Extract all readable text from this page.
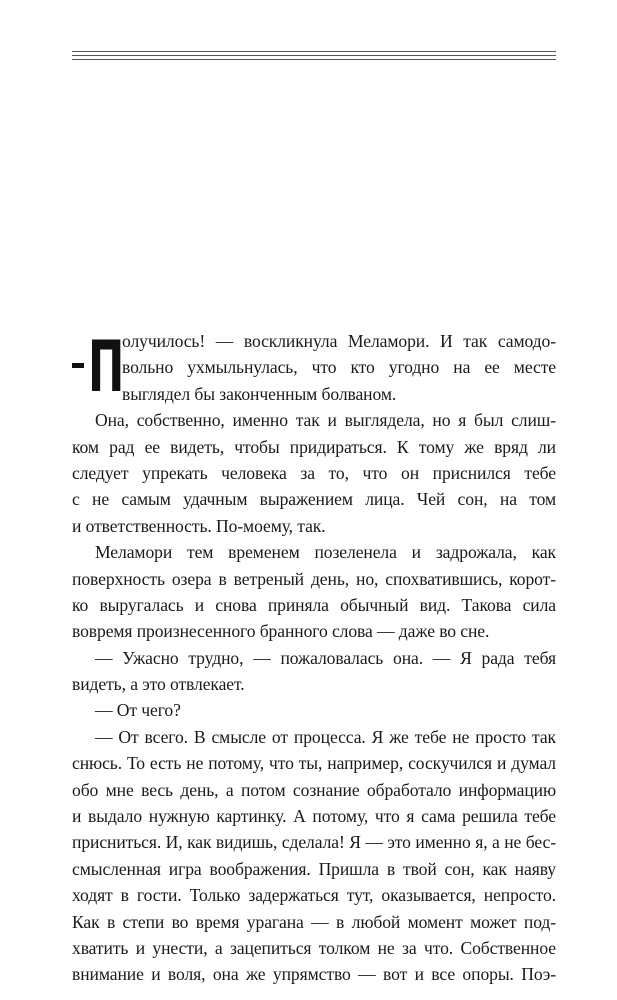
П
олучилось! — воскликнула Меламори. И так самодо-
вольно ухмыльнулась, что кто угодно на ее месте
выглядел бы законченным болваном.
Она, собственно, именно так и выглядела, но я был слиш-
ком рад ее видеть, чтобы придираться. К тому же вряд ли
следует упрекать человека за то, что он приснился тебе
с не самым удачным выражением лица. Чей сон, на том
и ответственность. По-моему, так.
Меламори тем временем позеленела и задрожала, как
поверхность озера в ветреный день, но, спохватившись, корот-
ко выругалась и снова приняла обычный вид. Такова сила
вовремя произнесенного бранного слова — даже во сне.
— Ужасно трудно, — пожаловалась она. — Я рада тебя
видеть, а это отвлекает.
— От чего?
— От всего. В смысле от процесса. Я же тебе не просто так
снюсь. То есть не потому, что ты, например, соскучился и думал
обо мне весь день, а потом сознание обработало информацию
и выдало нужную картинку. А потому, что я сама решила тебе
присниться. И, как видишь, сделала! Я — это именно я, а не бес-
смысленная игра воображения. Пришла в твой сон, как наяву
ходят в гости. Только задержаться тут, оказывается, непросто.
Как в степи во время урагана — в любой момент может под-
хватить и унести, а зацепиться толком не за что. Собственное
внимание и воля, она же упрямство — вот и все опоры. Поэ-
